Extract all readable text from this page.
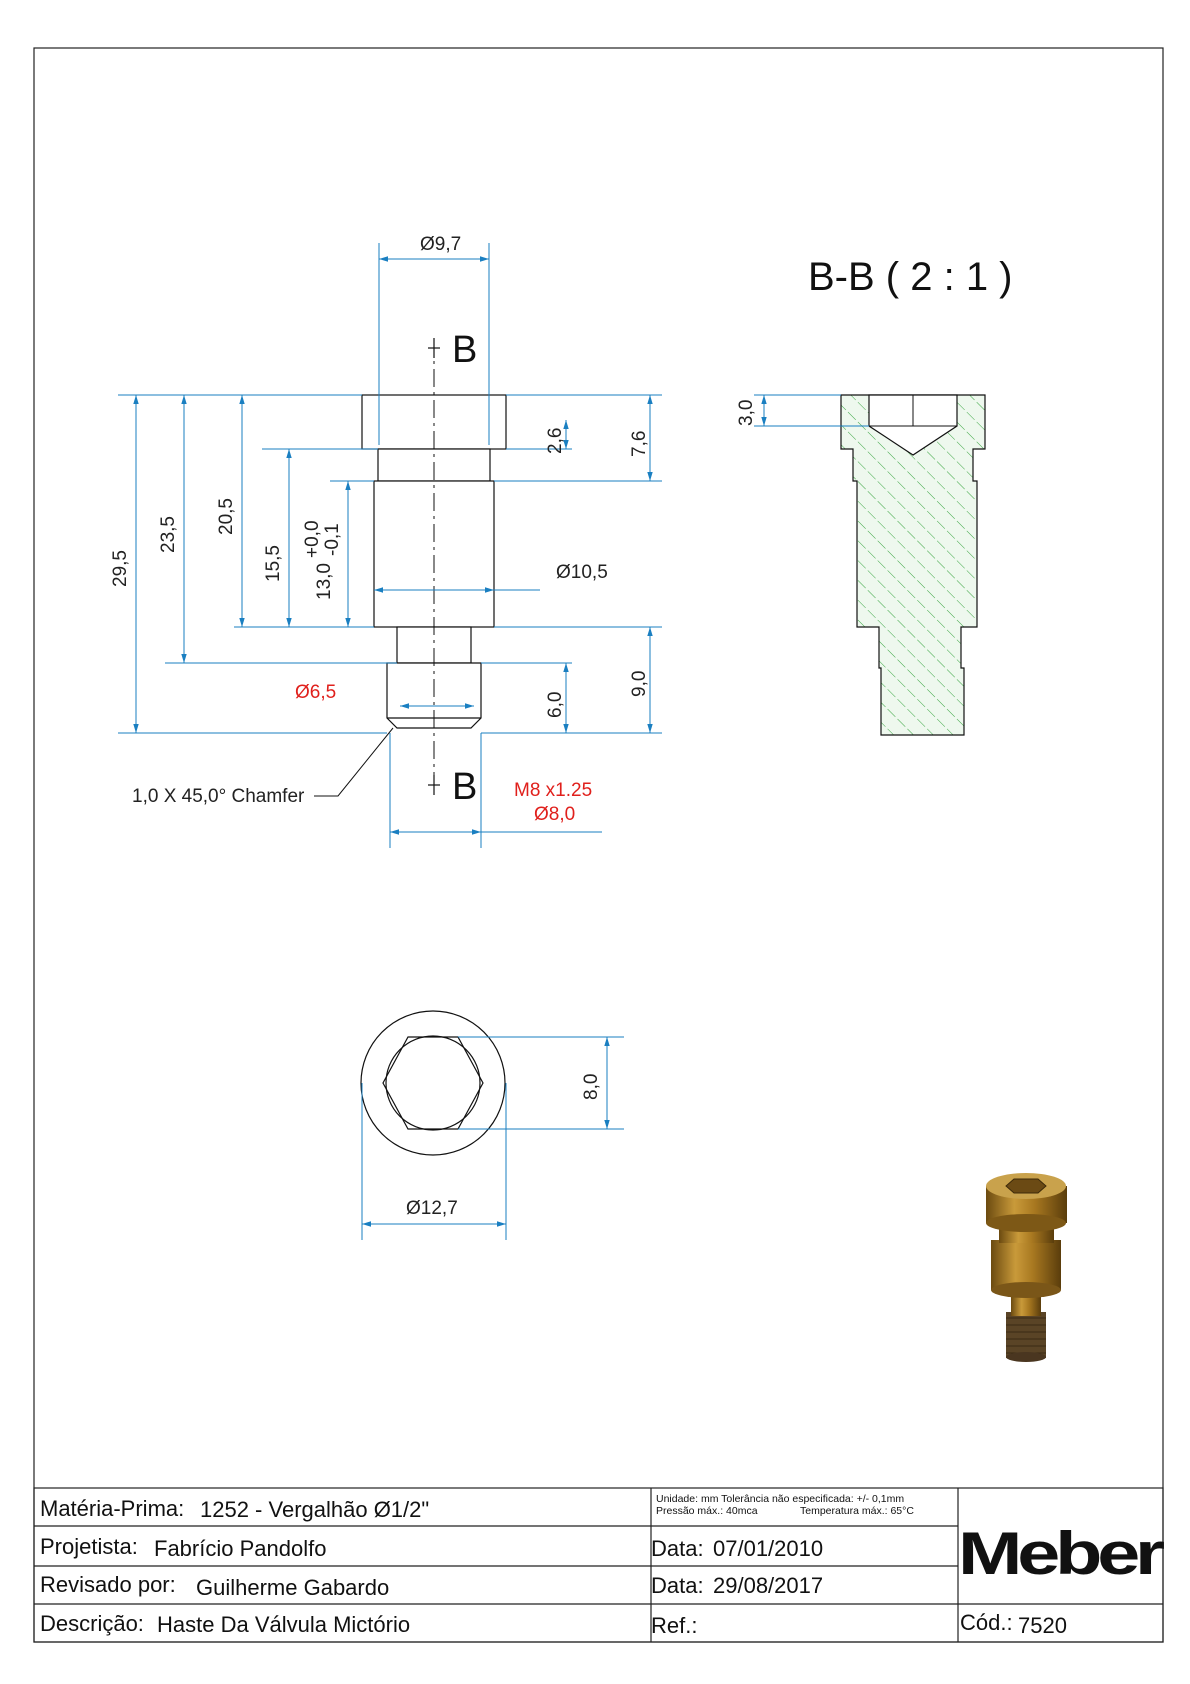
B
B
Ø9,7
Ø10,5
Ø6,5
M8 x1.25
Ø8,0
1,0 X 45,0° Chamfer
29,5
23,5 20,5
15,5 13,0
+0,0 -0,1
2,6	7,6
6,0
9,0
B-B ( 2 : 1 )
3,0
8,0
Ø12,7
Matéria-Prima: 1252 - Vergalhão Ø1/2"
Projetista: Fabrício Pandolfo
Revisado por: Guilherme Gabardo
Descrição: Haste Da Válvula Mictório
Unidade: mm Tolerância não especificada: +/- 0,1mm
Pressão máx.: 40mca	Temperatura máx.: 65°C
Data: 07/01/2010
Data: 29/08/2017
Ref.:
Meber
Cód.: 7520
